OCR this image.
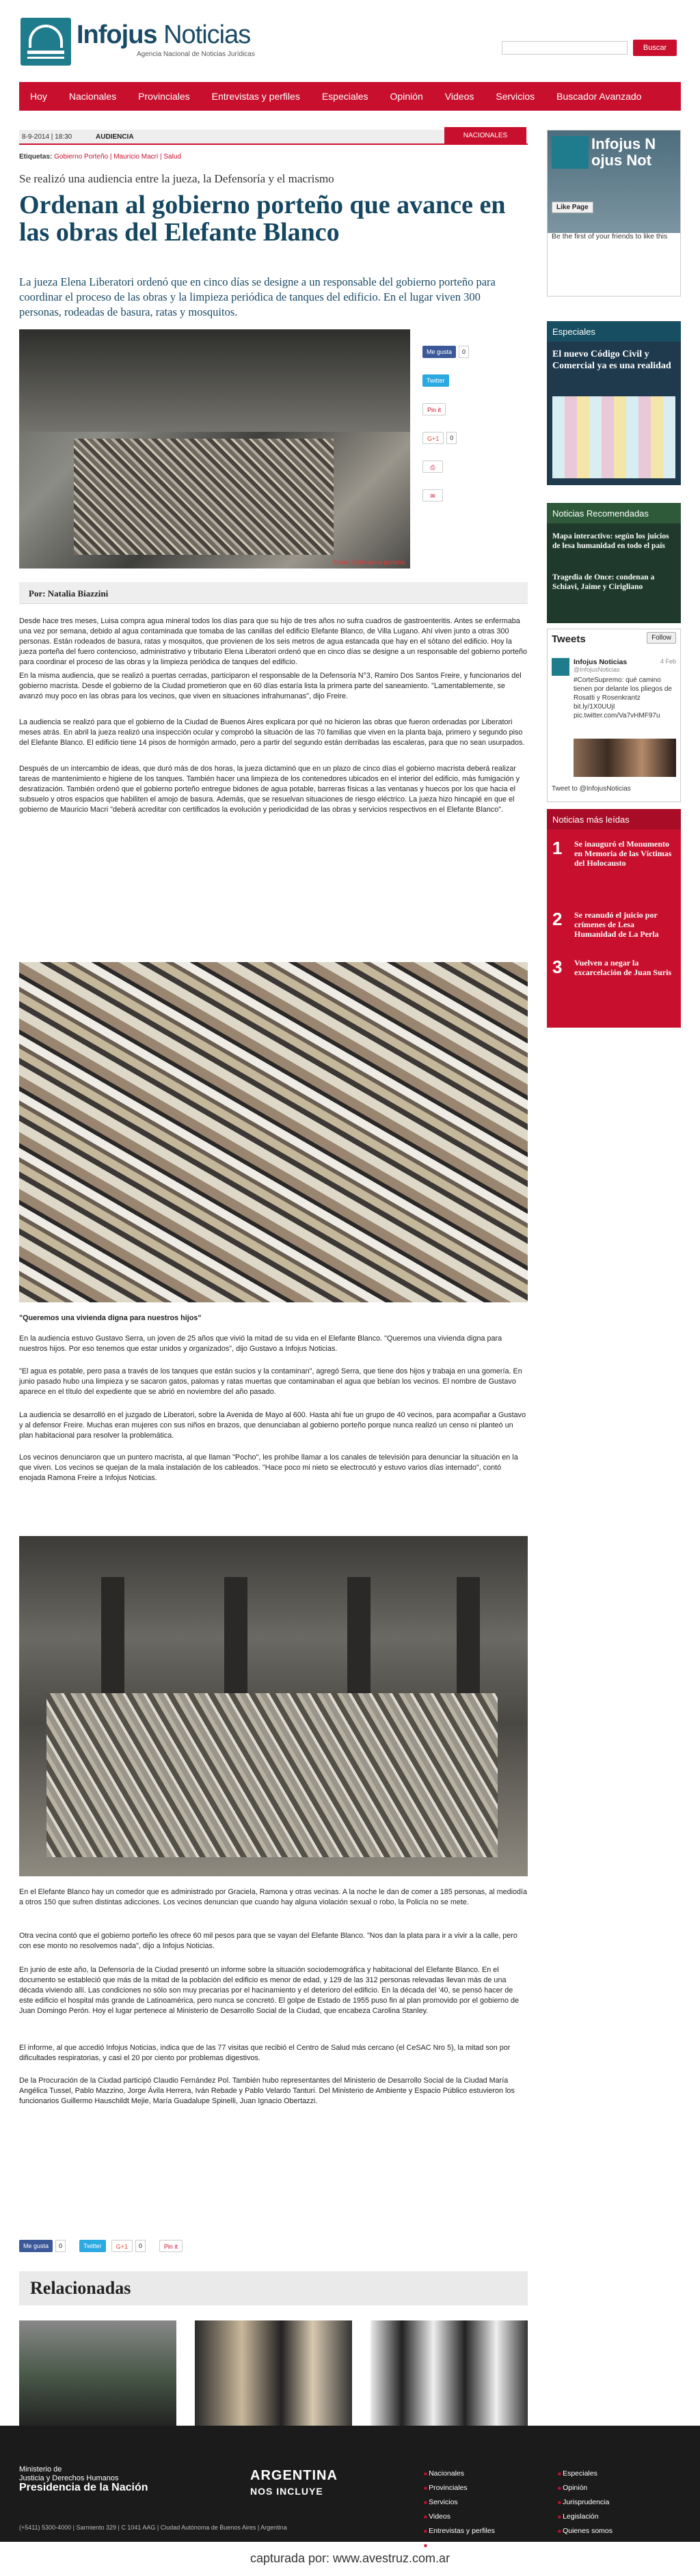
Infojus Noticias
Agencia Nacional de Noticias Jurídicas
Buscar
Hoy	Nacionales	Provinciales	Entrevistas y perfiles	Especiales	Opinión	Videos	Servicios	Buscador Avanzado
8-9-2014 | 18:30	AUDIENCIA	NACIONALES
Etiquetas: Gobierno Porteño | Mauricio Macri | Salud
Se realizó una audiencia entre la jueza, la Defensoría y el macrismo
Ordenan al gobierno porteño que avance en las obras del Elefante Blanco
La jueza Elena Liberatori ordenó que en cinco días se designe a un responsable del gobierno porteño para coordinar el proceso de las obras y la limpieza periódica de tanques del edificio. En el lugar viven 300 personas, rodeadas de basura, ratas y mosquitos.
Fotos: Defensoría porteña
Me gusta	0
Twitter
Pin it
G+1	0
⎙
✉
Por: Natalia Biazzini

Desde hace tres meses, Luisa compra agua mineral todos los días para que su hijo de tres años no sufra cuadros de gastroenteritis. Antes se enfermaba una vez por semana, debido al agua contaminada que tomaba de las canillas del edificio Elefante Blanco, de Villa Lugano. Ahí viven junto a otras 300 personas. Están rodeados de basura, ratas y mosquitos, que provienen de los seis metros de agua estancada que hay en el sótano del edificio. Hoy la jueza porteña del fuero contencioso, administrativo y tributario Elena Liberatori ordenó que en cinco días se designe a un responsable del gobierno porteño para coordinar el proceso de las obras y la limpieza periódica de tanques del edificio.

En la misma audiencia, que se realizó a puertas cerradas, participaron el responsable de la Defensoría N°3, Ramiro Dos Santos Freire, y funcionarios del gobierno macrista. Desde el gobierno de la Ciudad prometieron que en 60 días estaría lista la primera parte del saneamiento. "Lamentablemente, se avanzó muy poco en las obras para los vecinos, que viven en situaciones infrahumanas", dijo Freire.

La audiencia se realizó para que el gobierno de la Ciudad de Buenos Aires explicara por qué no hicieron las obras que fueron ordenadas por Liberatori meses atrás. En abril la jueza realizó una inspección ocular y comprobó la situación de las 70 familias que viven en la planta baja, primero y segundo piso del Elefante Blanco. El edificio tiene 14 pisos de hormigón armado, pero a partir del segundo están derribadas las escaleras, para que no sean usurpados.

Después de un intercambio de ideas, que duró más de dos horas, la jueza dictaminó que en un plazo de cinco días el gobierno macrista deberá realizar tareas de mantenimiento e higiene de los tanques. También hacer una limpieza de los contenedores ubicados en el interior del edificio, más fumigación y desratización. También ordenó que el gobierno porteño entregue bidones de agua potable, barreras físicas a las ventanas y huecos por los que hacia el subsuelo y otros espacios que habiliten el amojo de basura. Además, que se resuelvan situaciones de riesgo eléctrico. La jueza hizo hincapié en que el gobierno de Mauricio Macri "deberá acreditar con certificados la evolución y periodicidad de las obras y servicios respectivos en el Elefante Blanco".

"Queremos una vivienda digna para nuestros hijos"

En la audiencia estuvo Gustavo Serra, un joven de 25 años que vivió la mitad de su vida en el Elefante Blanco. "Queremos una vivienda digna para nuestros hijos. Por eso tenemos que estar unidos y organizados", dijo Gustavo a Infojus Noticias.

"El agua es potable, pero pasa a través de los tanques que están sucios y la contaminan", agregó Serra, que tiene dos hijos y trabaja en una gomería. En junio pasado hubo una limpieza y se sacaron gatos, palomas y ratas muertas que contaminaban el agua que bebían los vecinos. El nombre de Gustavo aparece en el título del expediente que se abrió en noviembre del año pasado.

La audiencia se desarrolló en el juzgado de Liberatori, sobre la Avenida de Mayo al 600. Hasta ahí fue un grupo de 40 vecinos, para acompañar a Gustavo y al defensor Freire. Muchas eran mujeres con sus niños en brazos, que denunciaban al gobierno porteño porque nunca realizó un censo ni planteó un plan habitacional para resolver la problemática.

Los vecinos denunciaron que un puntero macrista, al que llaman "Pocho", les prohíbe llamar a los canales de televisión para denunciar la situación en la que viven. Los vecinos se quejan de la mala instalación de los cableados. "Hace poco mi nieto se electrocutó y estuvo varios días internado", contó enojada Ramona Freire a Infojus Noticias.

En el Elefante Blanco hay un comedor que es administrado por Graciela, Ramona y otras vecinas. A la noche le dan de comer a 185 personas, al mediodía a otros 150 que sufren distintas adicciones. Los vecinos denuncian que cuando hay alguna violación sexual o robo, la Policía no se mete.

Otra vecina contó que el gobierno porteño les ofrece 60 mil pesos para que se vayan del Elefante Blanco. "Nos dan la plata para ir a vivir a la calle, pero con ese monto no resolvemos nada", dijo a Infojus Noticias.

En junio de este año, la Defensoría de la Ciudad presentó un informe sobre la situación sociodemográfica y habitacional del Elefante Blanco. En el documento se estableció que más de la mitad de la población del edificio es menor de edad, y 129 de las 312 personas relevadas llevan más de una década viviendo allí. Las condiciones no sólo son muy precarias por el hacinamiento y el deterioro del edificio. En la década del '40, se pensó hacer de este edificio el hospital más grande de Latinoamérica, pero nunca se concretó. El golpe de Estado de 1955 puso fin al plan promovido por el gobierno de Juan Domingo Perón. Hoy el lugar pertenece al Ministerio de Desarrollo Social de la Ciudad, que encabeza Carolina Stanley.

El informe, al que accedió Infojus Noticias, indica que de las 77 visitas que recibió el Centro de Salud más cercano (el CeSAC Nro 5), la mitad son por dificultades respiratorias, y casi el 20 por ciento por problemas digestivos.

De la Procuración de la Ciudad participó Claudio Fernández Pol. También hubo representantes del Ministerio de Desarrollo Social de la Ciudad María Angélica Tussel, Pablo Mazzino, Jorge Ávila Herrera, Iván Rebade y Pablo Velardo Tanturi. Del Ministerio de Ambiente y Espacio Público estuvieron los funcionarios Guillermo Hauschildt Mejie, María Guadalupe Spinelli, Juan Ignacio Obertazzi.

Me gusta	0	Twitter	G+1	0	Pin it
Relacionadas
Infojus N
ojus Not
Like Page
Be the first of your friends to like this
Especiales
El nuevo Código Civil y Comercial ya es una realidad
Noticias Recomendadas
Mapa interactivo: según los juicios de lesa humanidad en todo el país
Tragedia de Once: condenan a Schiavi, Jaime y Cirigliano
Tweets	Follow
Infojus Noticias
@InfojusNoticias
4 Feb
#CorteSupremo: qué camino tienen por delante los pliegos de Rosatti y Rosenkrantz bit.ly/1X0UUjI pic.twitter.com/Va7vHMF97u
Tweet to @InfojusNoticias
Noticias más leídas
1 Se inauguró el Monumento en Memoria de las Víctimas del Holocausto
2 Se reanudó el juicio por crímenes de Lesa Humanidad de La Perla
3 Vuelven a negar la excarcelación de Juan Suris
Ministerio de
Justicia y Derechos Humanos
Presidencia de la Nación
(+5411) 5300-4000 | Sarmiento 329 | C 1041 AAG | Ciudad Autónoma de Buenos Aires | Argentina
ARGENTINA
NOS INCLUYE
■ Nacionales
■ Provinciales
■ Servicios
■ Videos
■ Entrevistas y perfiles
■ Contacto
■ Especiales
■ Opinión
■ Jurisprudencia
■ Legislación
■ Quienes somos
capturada por: www.avestruz.com.ar
